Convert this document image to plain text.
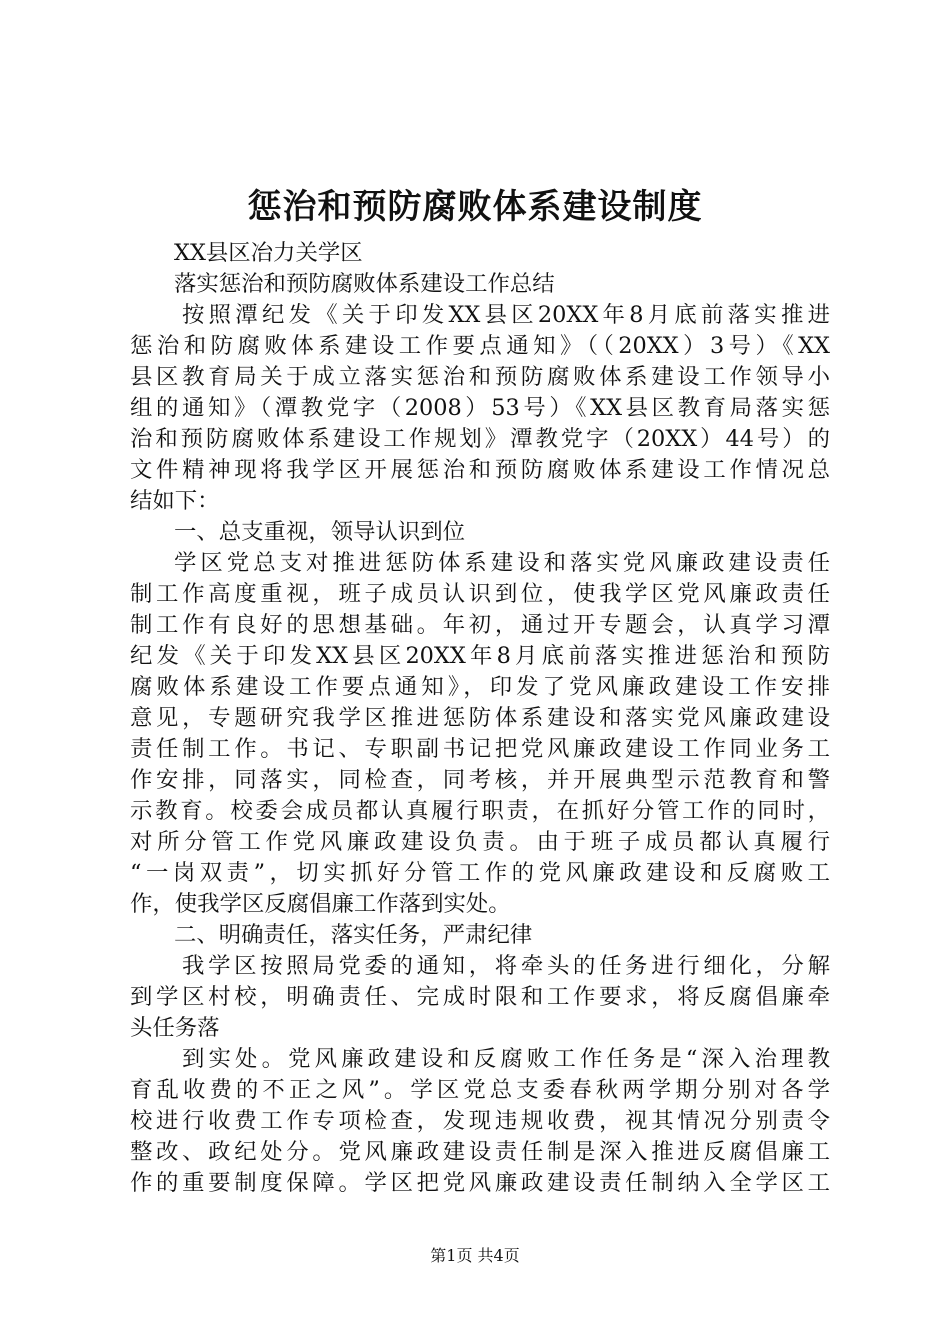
惩治和预防腐败体系建设制度
XX县区冶力关学区
落实惩治和预防腐败体系建设工作总结
按照潭纪发《关于印发XX县区20XX年8月底前落实推进
惩治和防腐败体系建设工作要点通知》（（20XX）3号）《XX
县区教育局关于成立落实惩治和预防腐败体系建设工作领导小
组的通知》（潭教党字（2008）53号）《XX县区教育局落实惩
治和预防腐败体系建设工作规划》潭教党字（20XX）44号）的
文件精神现将我学区开展惩治和预防腐败体系建设工作情况总
结如下：
一、总支重视，领导认识到位
学区党总支对推进惩防体系建设和落实党风廉政建设责任
制工作高度重视，班子成员认识到位，使我学区党风廉政责任
制工作有良好的思想基础。年初，通过开专题会，认真学习潭
纪发《关于印发XX县区20XX年8月底前落实推进惩治和预防
腐败体系建设工作要点通知》，印发了党风廉政建设工作安排
意见，专题研究我学区推进惩防体系建设和落实党风廉政建设
责任制工作。书记、专职副书记把党风廉政建设工作同业务工
作安排，同落实，同检查，同考核，并开展典型示范教育和警
示教育。校委会成员都认真履行职责，在抓好分管工作的同时，
对所分管工作党风廉政建设负责。由于班子成员都认真履行
“一岗双责”，切实抓好分管工作的党风廉政建设和反腐败工
作，使我学区反腐倡廉工作落到实处。
二、明确责任，落实任务，严肃纪律
我学区按照局党委的通知，将牵头的任务进行细化，分解
到学区村校，明确责任、完成时限和工作要求，将反腐倡廉牵
头任务落
到实处。党风廉政建设和反腐败工作任务是“深入治理教
育乱收费的不正之风”。学区党总支委春秋两学期分别对各学
校进行收费工作专项检查，发现违规收费，视其情况分别责令
整改、政纪处分。党风廉政建设责任制是深入推进反腐倡廉工
作的重要制度保障。学区把党风廉政建设责任制纳入全学区工
第1页 共4页
